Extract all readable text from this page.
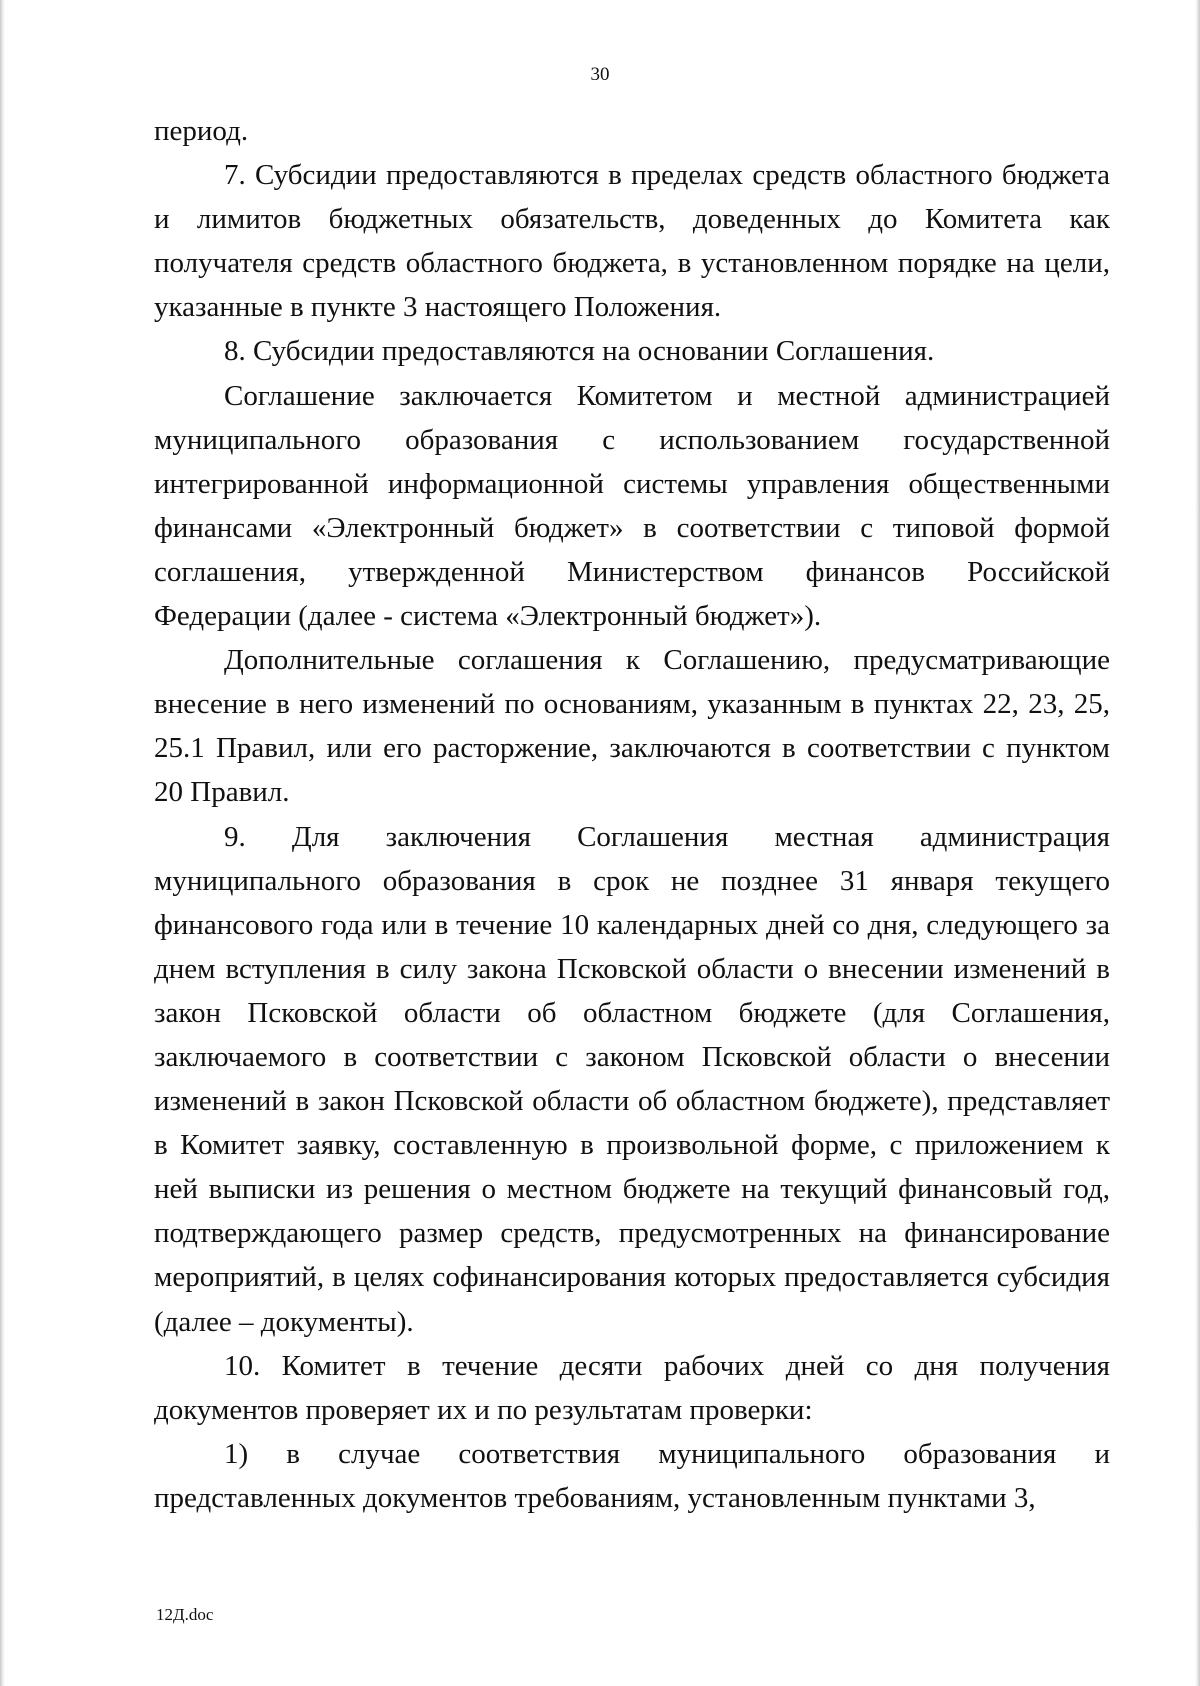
30

период.

7. Субсидии предоставляются в пределах средств областного бюджета и лимитов бюджетных обязательств, доведенных до Комитета как получателя средств областного бюджета, в установленном порядке на цели, указанные в пункте 3 настоящего Положения.

8. Субсидии предоставляются на основании Соглашения.

Соглашение заключается Комитетом и местной администрацией муниципального образования с использованием государственной интегрированной информационной системы управления общественными финансами «Электронный бюджет» в соответствии с типовой формой соглашения, утвержденной Министерством финансов Российской Федерации (далее - система «Электронный бюджет»).

Дополнительные соглашения к Соглашению, предусматривающие внесение в него изменений по основаниям, указанным в пунктах 22, 23, 25, 25.1 Правил, или его расторжение, заключаются в соответствии с пунктом 20 Правил.

9. Для заключения Соглашения местная администрация муниципального образования в срок не позднее 31 января текущего финансового года или в течение 10 календарных дней со дня, следующего за днем вступления в силу закона Псковской области о внесении изменений в закон Псковской области об областном бюджете (для Соглашения, заключаемого в соответствии с законом Псковской области о внесении изменений в закон Псковской области об областном бюджете), представляет в Комитет заявку, составленную в произвольной форме, с приложением к ней выписки из решения о местном бюджете на текущий финансовый год, подтверждающего размер средств, предусмотренных на финансирование мероприятий, в целях софинансирования которых предоставляется субсидия (далее – документы).

10. Комитет в течение десяти рабочих дней со дня получения документов проверяет их и по результатам проверки:

1) в случае соответствия муниципального образования и представленных документов требованиям, установленным пунктами 3,

12Д.doc
